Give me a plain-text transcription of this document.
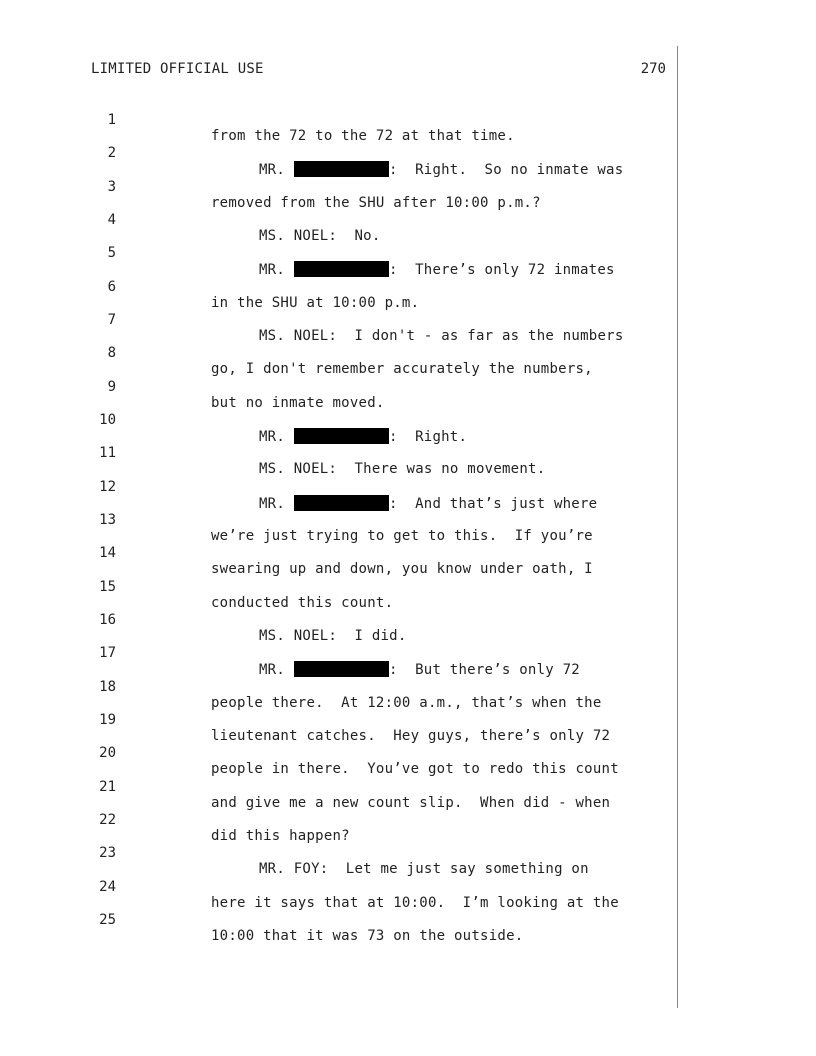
LIMITED OFFICIAL USE	270

1

from the 72 to the 72 at that time.

2

MR.	:  Right.  So no inmate was

3

removed from the SHU after 10:00 p.m.?

4

MS. NOEL:  No.

5

MR.	:  There’s only 72 inmates

6

in the SHU at 10:00 p.m.

7

MS. NOEL:  I don't - as far as the numbers

8

go, I don't remember accurately the numbers,

9

but no inmate moved.

10

MR.	:  Right.

11

MS. NOEL:  There was no movement.

12

MR.	:  And that’s just where

13

we’re just trying to get to this.  If you’re

14

swearing up and down, you know under oath, I

15

conducted this count.

16

MS. NOEL:  I did.

17

MR.	:  But there’s only 72

18

people there.  At 12:00 a.m., that’s when the

19

lieutenant catches.  Hey guys, there’s only 72

20

people in there.  You’ve got to redo this count

21

and give me a new count slip.  When did - when

22

did this happen?

23

MR. FOY:  Let me just say something on

24

here it says that at 10:00.  I’m looking at the

25

10:00 that it was 73 on the outside.
